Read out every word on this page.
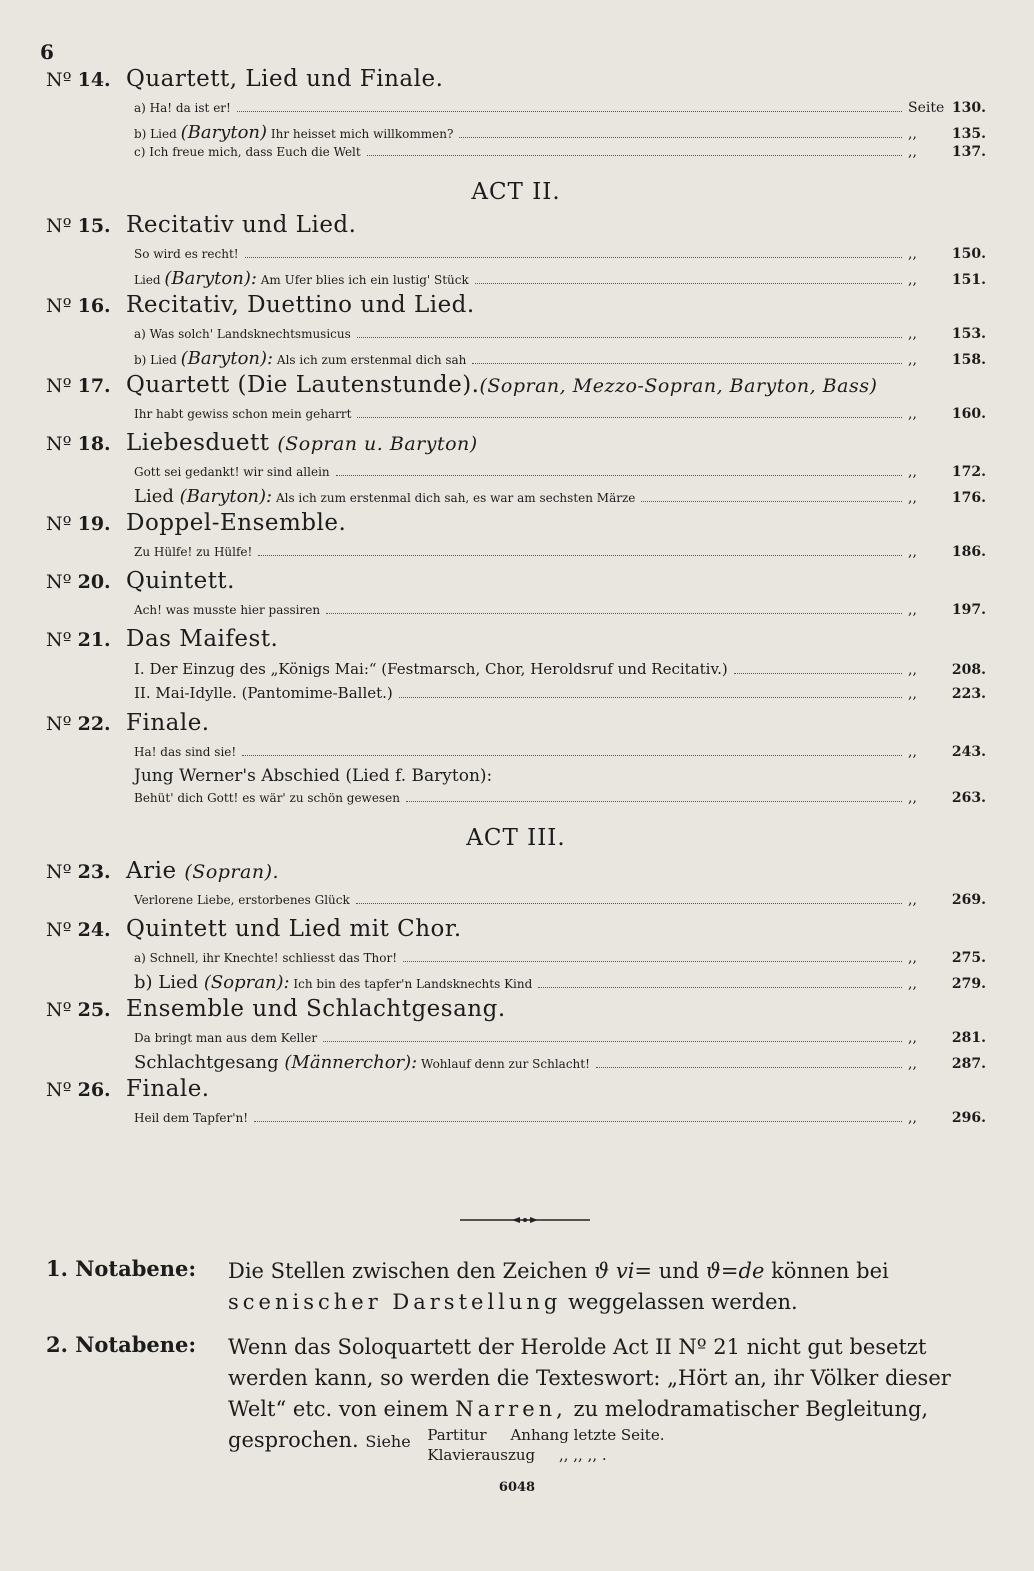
6
Nº 14. Quartett, Lied und Finale.
a) Ha! da ist er!	Seite 130.
b) Lied (Baryton) Ihr heisset mich willkommen?	,,	135.
c) Ich freue mich, dass Euch die Welt	,,	137.
ACT II.
Nº 15. Recitativ und Lied.
So wird es recht!	,,	150.
Lied (Baryton): Am Ufer blies ich ein lustig' Stück	,,	151.
Nº 16. Recitativ, Duettino und Lied.
a) Was solch' Landsknechtsmusicus	,,	153.
b) Lied (Baryton): Als ich zum erstenmal dich sah	,,	158.
Nº 17. Quartett (Die Lautenstunde).(Sopran, Mezzo-Sopran, Baryton, Bass)
Ihr habt gewiss schon mein geharrt	,,	160.
Nº 18. Liebesduett (Sopran u. Baryton)
Gott sei gedankt! wir sind allein	,,	172.
Lied (Baryton): Als ich zum erstenmal dich sah, es war am sechsten Märze	,,	176.
Nº 19. Doppel-Ensemble.
Zu Hülfe! zu Hülfe!	,,	186.
Nº 20. Quintett.
Ach! was musste hier passiren	,,	197.
Nº 21. Das Maifest.
I. Der Einzug des „Königs Mai:“ (Festmarsch, Chor, Heroldsruf und Recitativ.)	,,	208.
II. Mai-Idylle. (Pantomime-Ballet.)	,,	223.
Nº 22. Finale.
Ha! das sind sie!	,,	243.
Jung Werner's Abschied (Lied f. Baryton):
Behüt' dich Gott! es wär' zu schön gewesen	,,	263.
ACT III.
Nº 23. Arie (Sopran).
Verlorene Liebe, erstorbenes Glück	,,	269.
Nº 24. Quintett und Lied mit Chor.
a) Schnell, ihr Knechte! schliesst das Thor!	,,	275.
b) Lied (Sopran): Ich bin des tapfer'n Landsknechts Kind	,,	279.
Nº 25. Ensemble und Schlachtgesang.
Da bringt man aus dem Keller	,,	281.
Schlachtgesang (Männerchor): Wohlauf denn zur Schlacht!	,,	287.
Nº 26. Finale.
Heil dem Tapfer'n!	,,	296.
1. Notabene:	Die Stellen zwischen den Zeichen ϑ vi= und ϑ=de können bei scenischer Darstellung weggelassen werden.
2. Notabene:	Wenn das Soloquartett der Herolde Act II Nº 21 nicht gut besetzt werden kann, so werden die Texteswort: „Hört an, ihr Völker dieser Welt“ etc. von einem Narren, zu melodramatischer Begleitung, gesprochen. Siehe Partitur Anhang letzte Seite.
Klavierauszug ,, ,, ,, .
6048
